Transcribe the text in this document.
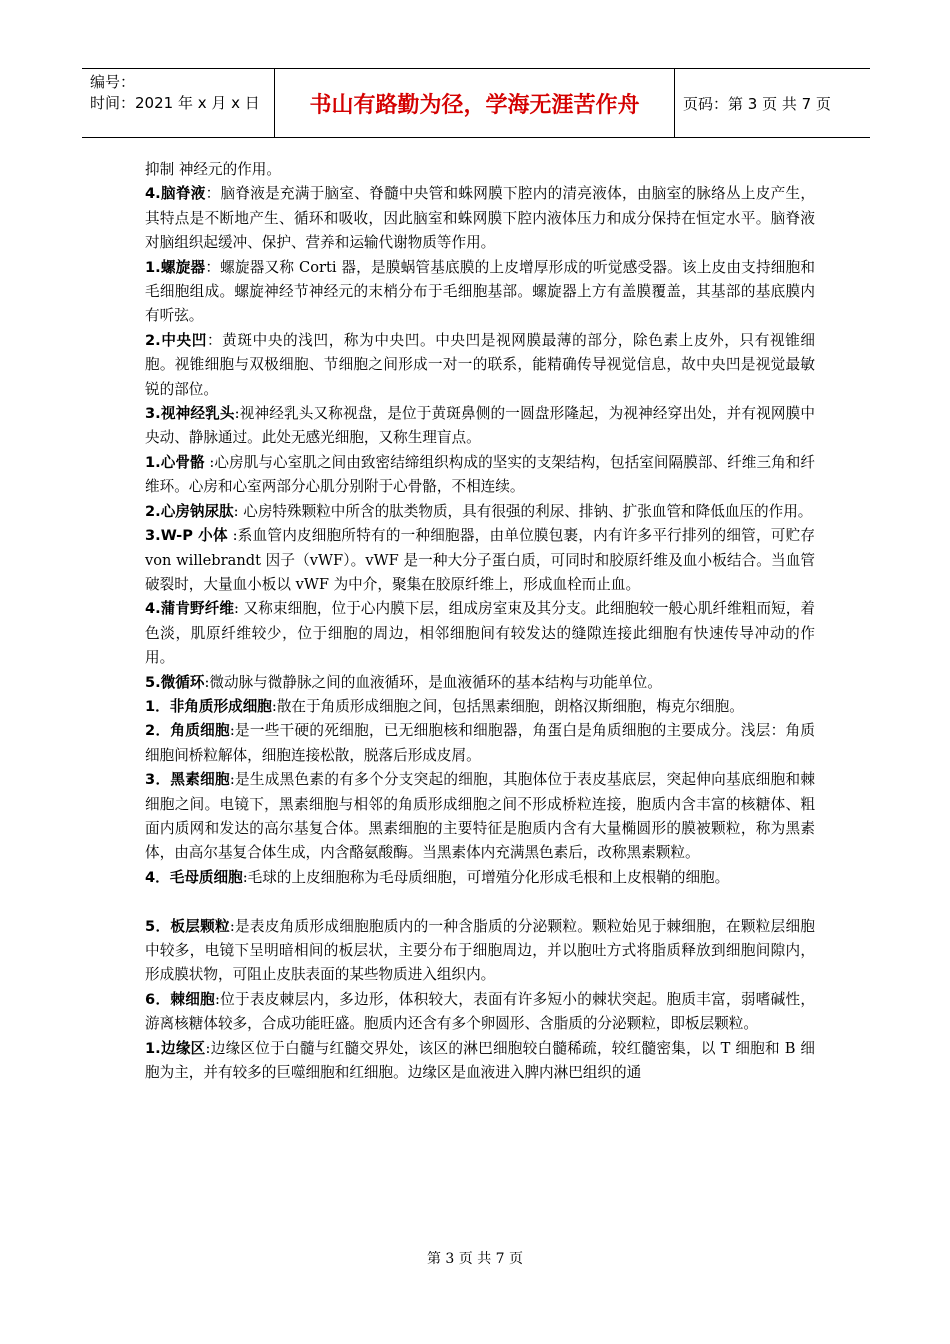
编号：
时间：2021 年 x 月 x 日	书山有路勤为径，学海无涯苦作舟	页码：第 3 页 共 7 页

抑制 神经元的作用。

4.脑脊液：脑脊液是充满于脑室、脊髓中央管和蛛网膜下腔内的清亮液体，由脑室的脉络丛上皮产生，其特点是不断地产生、循环和吸收，因此脑室和蛛网膜下腔内液体压力和成分保持在恒定水平。脑脊液对脑组织起缓冲、保护、营养和运输代谢物质等作用。

1.螺旋器：螺旋器又称 Corti 器，是膜蜗管基底膜的上皮增厚形成的听觉感受器。该上皮由支持细胞和毛细胞组成。螺旋神经节神经元的末梢分布于毛细胞基部。螺旋器上方有盖膜覆盖，其基部的基底膜内有听弦。

2.中央凹：黄斑中央的浅凹，称为中央凹。中央凹是视网膜最薄的部分，除色素上皮外，只有视锥细胞。视锥细胞与双极细胞、节细胞之间形成一对一的联系，能精确传导视觉信息，故中央凹是视觉最敏锐的部位。

3.视神经乳头:视神经乳头又称视盘，是位于黄斑鼻侧的一圆盘形隆起，为视神经穿出处，并有视网膜中央动、静脉通过。此处无感光细胞，又称生理盲点。

1.心骨骼 :心房肌与心室肌之间由致密结缔组织构成的坚实的支架结构，包括室间隔膜部、纤维三角和纤维环。心房和心室两部分心肌分别附于心骨骼，不相连续。

2.心房钠尿肽: 心房特殊颗粒中所含的肽类物质，具有很强的利尿、排钠、扩张血管和降低血压的作用。

3.W-P 小体 :系血管内皮细胞所特有的一种细胞器，由单位膜包裹，内有许多平行排列的细管，可贮存 von willebrandt 因子（vWF）。vWF 是一种大分子蛋白质，可同时和胶原纤维及血小板结合。当血管破裂时，大量血小板以 vWF 为中介，聚集在胶原纤维上，形成血栓而止血。

4.蒲肯野纤维: 又称束细胞，位于心内膜下层，组成房室束及其分支。此细胞较一般心肌纤维粗而短，着色淡，肌原纤维较少，位于细胞的周边，相邻细胞间有较发达的缝隙连接此细胞有快速传导冲动的作用。

5.微循环:微动脉与微静脉之间的血液循环，是血液循环的基本结构与功能单位。

1．非角质形成细胞:散在于角质形成细胞之间，包括黑素细胞，朗格汉斯细胞，梅克尔细胞。

2．角质细胞:是一些干硬的死细胞，已无细胞核和细胞器，角蛋白是角质细胞的主要成分。浅层：角质细胞间桥粒解体，细胞连接松散，脱落后形成皮屑。

3．黑素细胞:是生成黑色素的有多个分支突起的细胞，其胞体位于表皮基底层，突起伸向基底细胞和棘细胞之间。电镜下，黑素细胞与相邻的角质形成细胞之间不形成桥粒连接，胞质内含丰富的核糖体、粗面内质网和发达的高尔基复合体。黑素细胞的主要特征是胞质内含有大量椭圆形的膜被颗粒，称为黑素体，由高尔基复合体生成，内含酪氨酸酶。当黑素体内充满黑色素后，改称黑素颗粒。

4．毛母质细胞:毛球的上皮细胞称为毛母质细胞，可增殖分化形成毛根和上皮根鞘的细胞。

5．板层颗粒:是表皮角质形成细胞胞质内的一种含脂质的分泌颗粒。颗粒始见于棘细胞，在颗粒层细胞中较多，电镜下呈明暗相间的板层状，主要分布于细胞周边，并以胞吐方式将脂质释放到细胞间隙内，形成膜状物，可阻止皮肤表面的某些物质进入组织内。

6．棘细胞:位于表皮棘层内，多边形，体积较大，表面有许多短小的棘状突起。胞质丰富，弱嗜碱性，游离核糖体较多，合成功能旺盛。胞质内还含有多个卵圆形、含脂质的分泌颗粒，即板层颗粒。

1.边缘区:边缘区位于白髓与红髓交界处，该区的淋巴细胞较白髓稀疏，较红髓密集，以 T 细胞和 B 细胞为主，并有较多的巨噬细胞和红细胞。边缘区是血液进入脾内淋巴组织的通

第 3 页 共 7 页
